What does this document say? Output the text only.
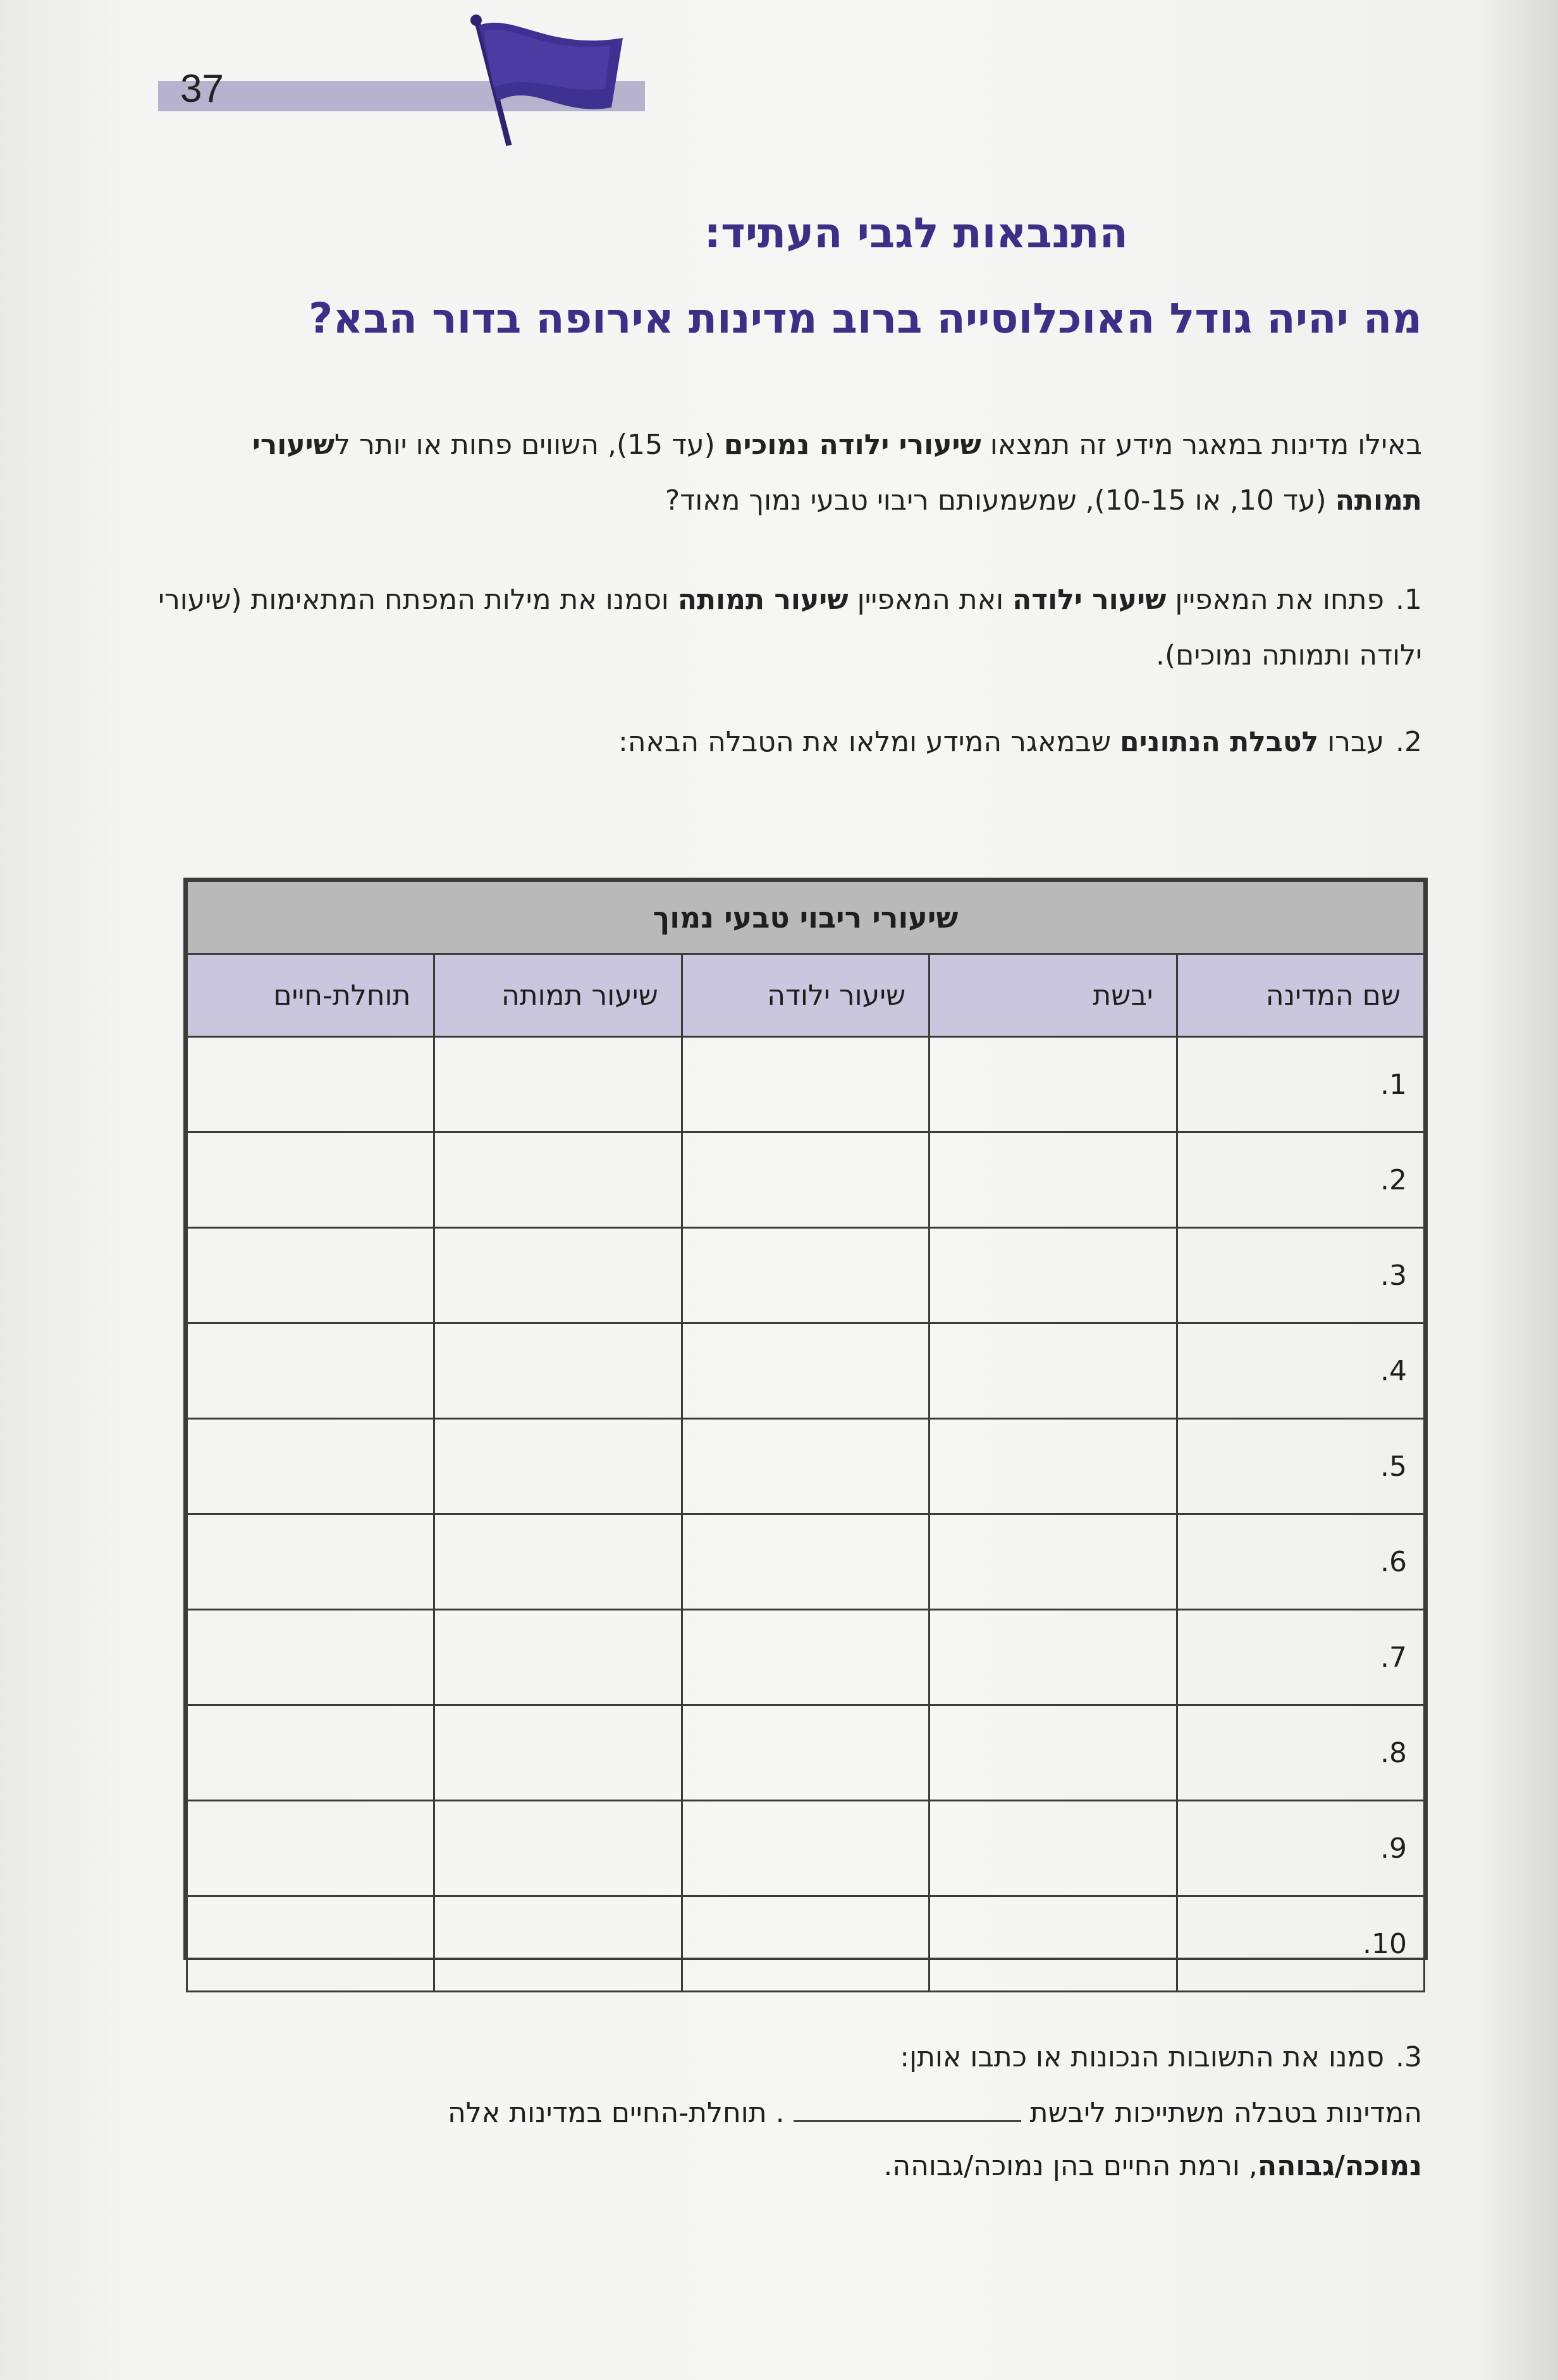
37
התנבאות לגבי העתיד:
מה יהיה גודל האוכלוסייה ברוב מדינות אירופה בדור הבא?
באילו מדינות במאגר מידע זה תמצאו שיעורי ילודה נמוכים (עד 15), השווים פחות או יותר לשיעורי תמותה (עד 10, או 10-15), שמשמעותם ריבוי טבעי נמוך מאוד?
1.פתחו את המאפיין שיעור ילודה ואת המאפיין שיעור תמותה וסמנו את מילות המפתח המתאימות (שיעורי ילודה ותמותה נמוכים).
2.עברו לטבלת הנתונים שבמאגר המידע ומלאו את הטבלה הבאה:
שיעורי ריבוי טבעי נמוך				
שם המדינה	יבשת	שיעור ילודה	שיעור תמותה	תוחלת-חיים
1.				
2.				
3.				
4.				
5.				
6.				
7.				
8.				
9.				
10.				
3.סמנו את התשובות הנכונות או כתבו אותן:
המדינות בטבלה משתייכות ליבשת  . תוחלת-החיים במדינות אלה
נמוכה/גבוהה, ורמת החיים בהן נמוכה/גבוהה.
